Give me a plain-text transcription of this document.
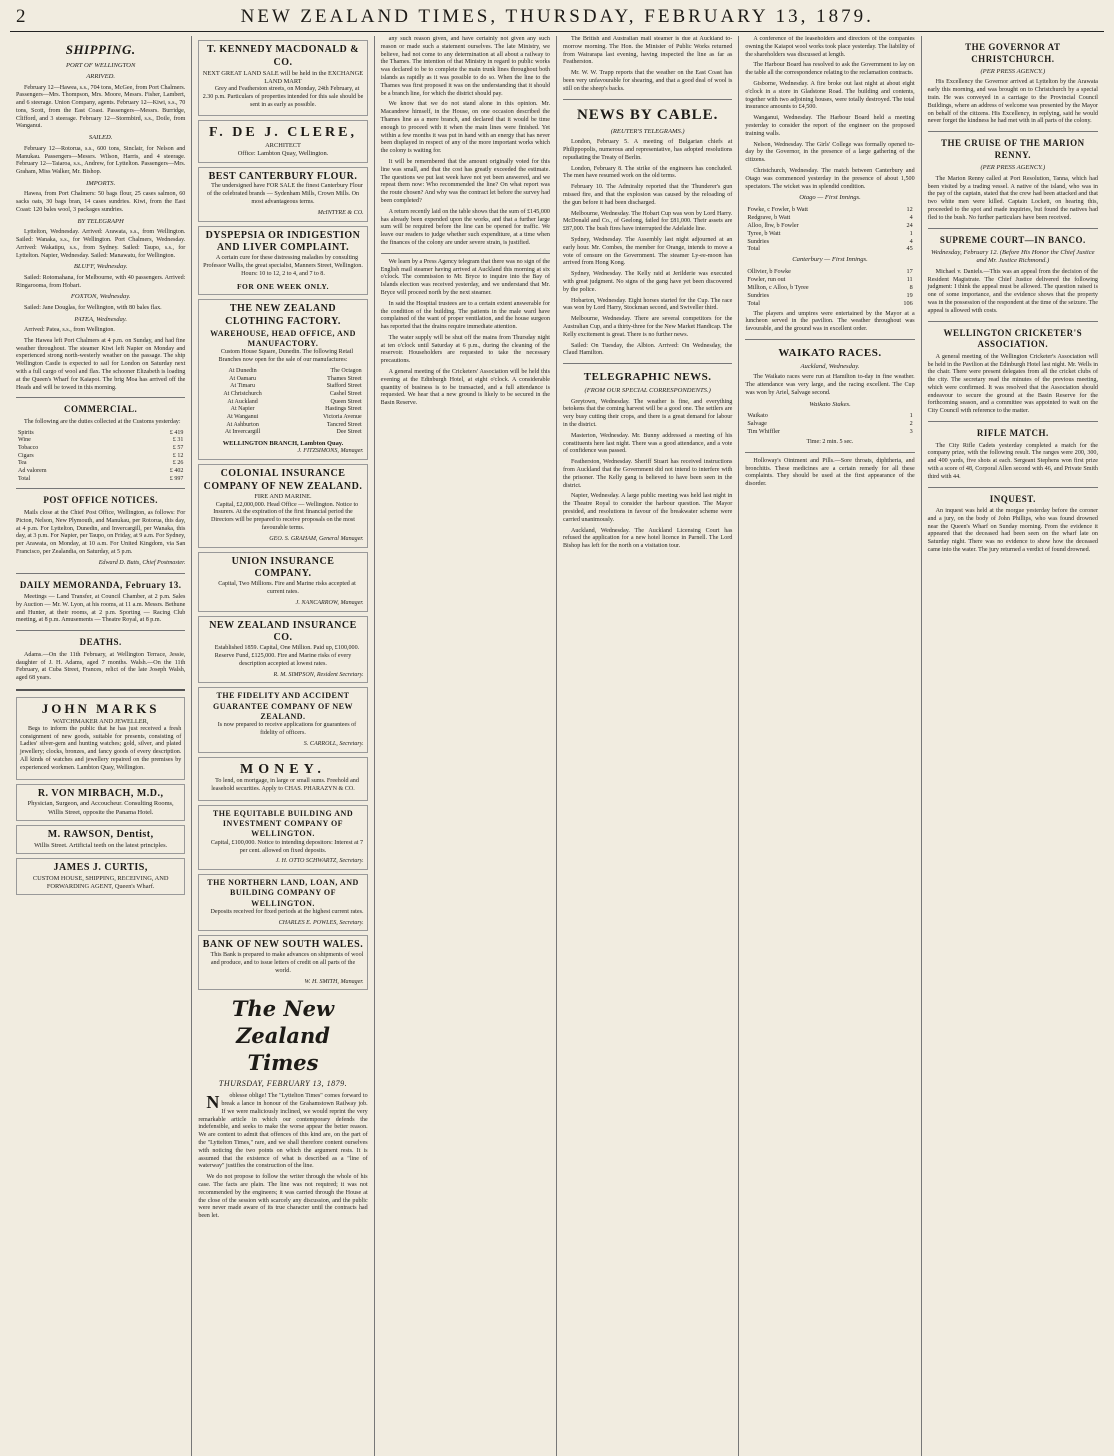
2	NEW ZEALAND TIMES, THURSDAY, FEBRUARY 13, 1879.
SHIPPING.
PORT OF WELLINGTON
ARRIVED.

February 12—Hawea, s.s., 704 tons, McGee, from Port Chalmers. Passengers—Mrs. Thompson, Mrs. Moore, Messrs. Fisher, Lambert, and 6 steerage. Union Company, agents. February 12—Kiwi, s.s., 70 tons, Scott, from the East Coast. Passengers—Messrs. Burridge, Clifford, and 3 steerage. February 12—Stormbird, s.s., Doile, from Wanganui.

SAILED.

February 12—Rotorua, s.s., 600 tons, Sinclair, for Nelson and Manukau. Passengers—Messrs. Wilson, Harris, and 4 steerage. February 12—Taiaroa, s.s., Andrew, for Lyttelton. Passengers—Mrs. Graham, Miss Walker, Mr. Bishop.

IMPORTS.

Hawea, from Port Chalmers: 50 bags flour, 25 cases salmon, 60 sacks oats, 30 bags bran, 14 cases sundries. Kiwi, from the East Coast: 120 bales wool, 3 packages sundries.

BY TELEGRAPH

Lyttelton, Wednesday. Arrived: Arawata, s.s., from Wellington. Sailed: Wanaka, s.s., for Wellington. Port Chalmers, Wednesday. Arrived: Wakatipu, s.s., from Sydney. Sailed: Taupo, s.s., for Lyttelton. Napier, Wednesday. Sailed: Manawatu, for Wellington.

BLUFF, Wednesday.

Sailed: Rotomahana, for Melbourne, with 40 passengers. Arrived: Ringarooma, from Hobart.

FOXTON, Wednesday.

Sailed: Jane Douglas, for Wellington, with 80 bales flax.

PATEA, Wednesday.

Arrived: Patea, s.s., from Wellington.

The Hawea left Port Chalmers at 4 p.m. on Sunday, and had fine weather throughout. The steamer Kiwi left Napier on Monday and experienced strong north-westerly weather on the passage. The ship Wellington Castle is expected to sail for London on Saturday next with a full cargo of wool and flax. The schooner Elizabeth is loading at the Queen's Wharf for Kaiapoi. The brig Moa has arrived off the Heads and will be towed in this morning.

COMMERCIAL.

The following are the duties collected at the Customs yesterday:

Spirits	£ 419
Wine	£ 31
Tobacco	£ 57
Cigars	£ 12
Tea	£ 26
Ad valorem	£ 402
Total	£ 997
POST OFFICE NOTICES.

Mails close at the Chief Post Office, Wellington, as follows: For Picton, Nelson, New Plymouth, and Manukau, per Rotorua, this day, at 4 p.m. For Lyttelton, Dunedin, and Invercargill, per Wanaka, this day, at 3 p.m. For Napier, per Taupo, on Friday, at 9 a.m. For Sydney, per Arawata, on Monday, at 10 a.m. For United Kingdom, via San Francisco, per Zealandia, on Saturday, at 5 p.m.

Edward D. Butts, Chief Postmaster.
DAILY MEMORANDA, February 13.

Meetings — Land Transfer, at Council Chamber, at 2 p.m. Sales by Auction — Mr. W. Lyon, at his rooms, at 11 a.m. Messrs. Bethune and Hunter, at their rooms, at 2 p.m. Sporting — Racing Club meeting, at 8 p.m. Amusements — Theatre Royal, at 8 p.m.

DEATHS.

Adams.—On the 11th February, at Wellington Terrace, Jessie, daughter of J. H. Adams, aged 7 months. Walsh.—On the 11th February, at Cuba Street, Frances, relict of the late Joseph Walsh, aged 68 years.

JOHN MARKS
WATCHMAKER AND JEWELLER,

Begs to inform the public that he has just received a fresh consignment of new goods, suitable for presents, consisting of Ladies' silver-gem and hunting watches; gold, silver, and plated jewellery; clocks, bronzes, and fancy goods of every description. All kinds of watches and jewellery repaired on the premises by experienced workmen. Lambton Quay, Wellington.

R. VON MIRBACH, M.D.,
Physician, Surgeon, and Accoucheur. Consulting Rooms, Willis Street, opposite the Panama Hotel.
M. RAWSON, Dentist,
Willis Street. Artificial teeth on the latest principles.
JAMES J. CURTIS,
CUSTOM HOUSE, SHIPPING, RECEIVING, AND FORWARDING AGENT, Queen's Wharf.
T. KENNEDY MACDONALD & CO.
NEXT GREAT LAND SALE will be held in the EXCHANGE LAND MART

Grey and Featherston streets, on Monday, 24th February, at 2.30 p.m. Particulars of properties intended for this sale should be sent in as early as possible.

F. DE J. CLERE,
ARCHITECT
Office: Lambton Quay, Wellington.
BEST CANTERBURY FLOUR.

The undersigned have FOR SALE the finest Canterbury Flour of the celebrated brands — Sydenham Mills, Crown Mills. On most advantageous terms.

McINTYRE & CO.
DYSPEPSIA OR INDIGESTION AND LIVER COMPLAINT.

A certain cure for these distressing maladies by consulting Professor Wallis, the great specialist, Manners Street, Wellington. Hours: 10 to 12, 2 to 4, and 7 to 8.

FOR ONE WEEK ONLY.
THE NEW ZEALAND CLOTHING FACTORY.
WAREHOUSE, HEAD OFFICE, AND MANUFACTORY.

Custom House Square, Dunedin. The following Retail Branches now open for the sale of our manufactures:

At Dunedin	The Octagon
At Oamaru	Thames Street
At Timaru	Stafford Street
At Christchurch	Cashel Street
At Auckland	Queen Street
At Napier	Hastings Street
At Wanganui	Victoria Avenue
At Ashburton	Tancred Street
At Invercargill	Dee Street
WELLINGTON BRANCH, Lambton Quay.
J. FITZSIMONS, Manager.
COLONIAL INSURANCE COMPANY OF NEW ZEALAND.
FIRE AND MARINE.

Capital, £2,000,000. Head Office — Wellington. Notice to Insurers. At the expiration of the first financial period the Directors will be prepared to receive proposals on the most favourable terms.

GEO. S. GRAHAM, General Manager.
UNION INSURANCE COMPANY.

Capital, Two Millions. Fire and Marine risks accepted at current rates.

J. NANCARROW, Manager.
NEW ZEALAND INSURANCE CO.

Established 1859. Capital, One Million. Paid up, £100,000. Reserve Fund, £125,000. Fire and Marine risks of every description accepted at lowest rates.

R. M. SIMPSON, Resident Secretary.
THE FIDELITY AND ACCIDENT GUARANTEE COMPANY OF NEW ZEALAND.

Is now prepared to receive applications for guarantees of fidelity of officers.

S. CARROLL, Secretary.
MONEY.

To lend, on mortgage, in large or small sums. Freehold and leasehold securities. Apply to CHAS. PHARAZYN & CO.

THE EQUITABLE BUILDING AND INVESTMENT COMPANY OF WELLINGTON.

Capital, £100,000. Notice to intending depositors: Interest at 7 per cent. allowed on fixed deposits.

J. H. OTTO SCHWARTZ, Secretary.
THE NORTHERN LAND, LOAN, AND BUILDING COMPANY OF WELLINGTON.

Deposits received for fixed periods at the highest current rates.

CHARLES E. POWLES, Secretary.
BANK OF NEW SOUTH WALES.

This Bank is prepared to make advances on shipments of wool and produce, and to issue letters of credit on all parts of the world.

W. H. SMITH, Manager.
The New Zealand Times
THURSDAY, FEBRUARY 13, 1879.

Noblesse oblige! The "Lyttelton Times" comes forward to break a lance in honour of the Grahamstown Railway job. If we were maliciously inclined, we would reprint the very remarkable article in which our contemporary defends the indefensible, and seeks to make the worse appear the better reason. We are content to admit that offences of this kind are, on the part of the "Lyttelton Times," rare, and we shall therefore content ourselves with noticing the two points on which the argument rests. It is assumed that the existence of what is described as a "line of waterway" justifies the construction of the line.

We do not propose to follow the writer through the whole of his case. The facts are plain. The line was not required; it was not recommended by the engineers; it was carried through the House at the close of the session with scarcely any discussion, and the public were never made aware of its true character until the contracts had been let.

any such reason given, and have certainly not given any such reason or made such a statement ourselves. The late Ministry, we believe, had not come to any determination at all about a railway to the Thames. The intention of that Ministry in regard to public works was declared to be to complete the main trunk lines throughout both islands as rapidly as it was possible to do so. When the line to the Thames was first proposed it was on the understanding that it should be a branch line, for which the district should pay.

We know that we do not stand alone in this opinion. Mr. Macandrew himself, in the House, on one occasion described the Thames line as a mere branch, and declared that it would be time enough to proceed with it when the main lines were finished. Yet within a few months it was put in hand with an energy that has never been displayed in respect of any of the more important works which the colony is waiting for.

It will be remembered that the amount originally voted for this line was small, and that the cost has greatly exceeded the estimate. The questions we put last week have not yet been answered, and we repeat them now: Who recommended the line? On what report was the route chosen? And why was the contract let before the survey had been completed?

A return recently laid on the table shows that the sum of £145,000 has already been expended upon the works, and that a further large sum will be required before the line can be opened for traffic. We leave our readers to judge whether such expenditure, at a time when the finances of the colony are under severe strain, is justified.

We learn by a Press Agency telegram that there was no sign of the English mail steamer having arrived at Auckland this morning at six o'clock. The commission to Mr. Bryce to inquire into the Bay of Islands election was received yesterday, and we understand that Mr. Bryce will proceed north by the next steamer.

In said the Hospital trustees are to a certain extent answerable for the condition of the building. The patients in the male ward have complained of the want of proper ventilation, and the house surgeon has reported that the drains require immediate attention.

The water supply will be shut off the mains from Thursday night at ten o'clock until Saturday at 6 p.m., during the cleaning of the reservoir. Householders are requested to take the necessary precautions.

A general meeting of the Cricketers' Association will be held this evening at the Edinburgh Hotel, at eight o'clock. A considerable quantity of business is to be transacted, and a full attendance is requested. We hear that a new ground is likely to be secured in the Basin Reserve.

The British and Australian mail steamer is due at Auckland to-morrow morning. The Hon. the Minister of Public Works returned from Wairarapa last evening, having inspected the line as far as Featherston.

Mr. W. W. Trapp reports that the weather on the East Coast has been very unfavourable for shearing, and that a good deal of wool is still on the sheep's backs.

NEWS BY CABLE.
(REUTER'S TELEGRAMS.)

London, February 5. A meeting of Bulgarian chiefs at Philippopolis, numerous and representative, has adopted resolutions repudiating the Treaty of Berlin.

London, February 8. The strike of the engineers has concluded. The men have resumed work on the old terms.

February 10. The Admiralty reported that the Thunderer's gun missed fire, and that the explosion was caused by the reloading of the gun before it had been discharged.

Melbourne, Wednesday. The Hobart Cup was won by Lord Harry. McDonald and Co., of Geelong, failed for £81,000. Their assets are £87,000. The bush fires have interrupted the Adelaide line.

Sydney, Wednesday. The Assembly last night adjourned at an early hour. Mr. Combes, the member for Orange, intends to move a vote of censure on the Government. The steamer Ly-ee-moon has arrived from Hong Kong.

Sydney, Wednesday. The Kelly raid at Jerilderie was executed with great judgment. No signs of the gang have yet been discovered by the police.

Hobarton, Wednesday. Eight horses started for the Cup. The race was won by Lord Harry, Stockman second, and Swiveller third.

Melbourne, Wednesday. There are several competitors for the Australian Cup, and a thirty-three for the New Market Handicap. The Kelly excitement is great. There is no further news.

Sailed: On Tuesday, the Albion. Arrived: On Wednesday, the Claud Hamilton.

TELEGRAPHIC NEWS.
(FROM OUR SPECIAL CORRESPONDENTS.)

Greytown, Wednesday. The weather is fine, and everything betokens that the coming harvest will be a good one. The settlers are very busy cutting their crops, and there is a great demand for labour in the district.

Masterton, Wednesday. Mr. Bunny addressed a meeting of his constituents here last night. There was a good attendance, and a vote of confidence was passed.

Featherston, Wednesday. Sheriff Stuart has received instructions from Auckland that the Government did not intend to interfere with the prisoner. The Kelly gang is believed to have been seen in the district.

Napier, Wednesday. A large public meeting was held last night in the Theatre Royal to consider the harbour question. The Mayor presided, and resolutions in favour of the breakwater scheme were carried unanimously.

Auckland, Wednesday. The Auckland Licensing Court has refused the application for a new hotel licence in Parnell. The Lord Bishop has left for the north on a visitation tour.

A conference of the leaseholders and directors of the companies owning the Kaiapoi wool works took place yesterday. The liability of the shareholders was discussed at length.

The Harbour Board has resolved to ask the Government to lay on the table all the correspondence relating to the reclamation contracts.

Gisborne, Wednesday. A fire broke out last night at about eight o'clock in a store in Gladstone Road. The building and contents, together with two adjoining houses, were totally destroyed. The total insurance amounts to £4,500.

Wanganui, Wednesday. The Harbour Board held a meeting yesterday to consider the report of the engineer on the proposed training walls.

Nelson, Wednesday. The Girls' College was formally opened to-day by the Governor, in the presence of a large gathering of the citizens.

Christchurch, Wednesday. The match between Canterbury and Otago was commenced yesterday in the presence of about 1,500 spectators. The wicket was in splendid condition.

Otago — First Innings.
Fowke, c Fowler, b Watt	12
Redgrave, b Watt	4
Alloo, lbw, b Fowler	24
Tyree, b Watt	1
Sundries	4
Total	45
Canterbury — First Innings.
Ollivier, b Fowke	17
Fowler, run out	11
Millton, c Alloo, b Tyree	8
Sundries	19
Total	106

The players and umpires were entertained by the Mayor at a luncheon served in the pavilion. The weather throughout was favourable, and the ground was in excellent order.

WAIKATO RACES.
Auckland, Wednesday.

The Waikato races were run at Hamilton to-day in fine weather. The attendance was very large, and the racing excellent. The Cup was won by Ariel, Salvage second.

Waikato Stakes.
Waikato	1
Salvage	2
Tim Whiffler	3
Time: 2 min. 5 sec.

Holloway's Ointment and Pills.—Sore throats, diphtheria, and bronchitis. These medicines are a certain remedy for all these complaints. They should be used at the first appearance of the disorder.

THE GOVERNOR AT CHRISTCHURCH.
(PER PRESS AGENCY.)

His Excellency the Governor arrived at Lyttelton by the Arawata early this morning, and was brought on to Christchurch by a special train. He was conveyed in a carriage to the Provincial Council Buildings, where an address of welcome was presented by the Mayor on behalf of the citizens. His Excellency, in replying, said he would never forget the kindness he had met with in all parts of the colony.

THE CRUISE OF THE MARION RENNY.
(PER PRESS AGENCY.)

The Marion Renny called at Port Resolution, Tanna, which had been visited by a trading vessel. A native of the island, who was in the pay of the captain, stated that the crew had been attacked and that two white men were killed. Captain Lockett, on hearing this, proceeded to the spot and made inquiries, but found the natives had fled to the bush. No further particulars have been received.

SUPREME COURT—IN BANCO.
Wednesday, February 12. (Before His Honor the Chief Justice and Mr. Justice Richmond.)

Michael v. Daniels.—This was an appeal from the decision of the Resident Magistrate. The Chief Justice delivered the following judgment: I think the appeal must be allowed. The question raised is one of some importance, and the evidence shows that the property was in the possession of the respondent at the time of the seizure. The appeal is allowed with costs.

WELLINGTON CRICKETER'S ASSOCIATION.

A general meeting of the Wellington Cricketer's Association will be held in the Pavilion at the Edinburgh Hotel last night. Mr. Wells in the chair. There were present delegates from all the cricket clubs of the city. The secretary read the minutes of the previous meeting, which were confirmed. It was resolved that the Association should endeavour to secure the ground at the Basin Reserve for the forthcoming season, and a committee was appointed to wait on the City Council with reference to the matter.

RIFLE MATCH.

The City Rifle Cadets yesterday completed a match for the company prize, with the following result. The ranges were 200, 300, and 400 yards, five shots at each. Sergeant Stephens won first prize with a score of 48, Corporal Allen second with 46, and Private Smith third with 44.

INQUEST.

An inquest was held at the morgue yesterday before the coroner and a jury, on the body of John Phillips, who was found drowned near the Queen's Wharf on Sunday morning. From the evidence it appeared that the deceased had been seen on the wharf late on Saturday night. There was no evidence to show how the deceased came into the water. The jury returned a verdict of found drowned.
